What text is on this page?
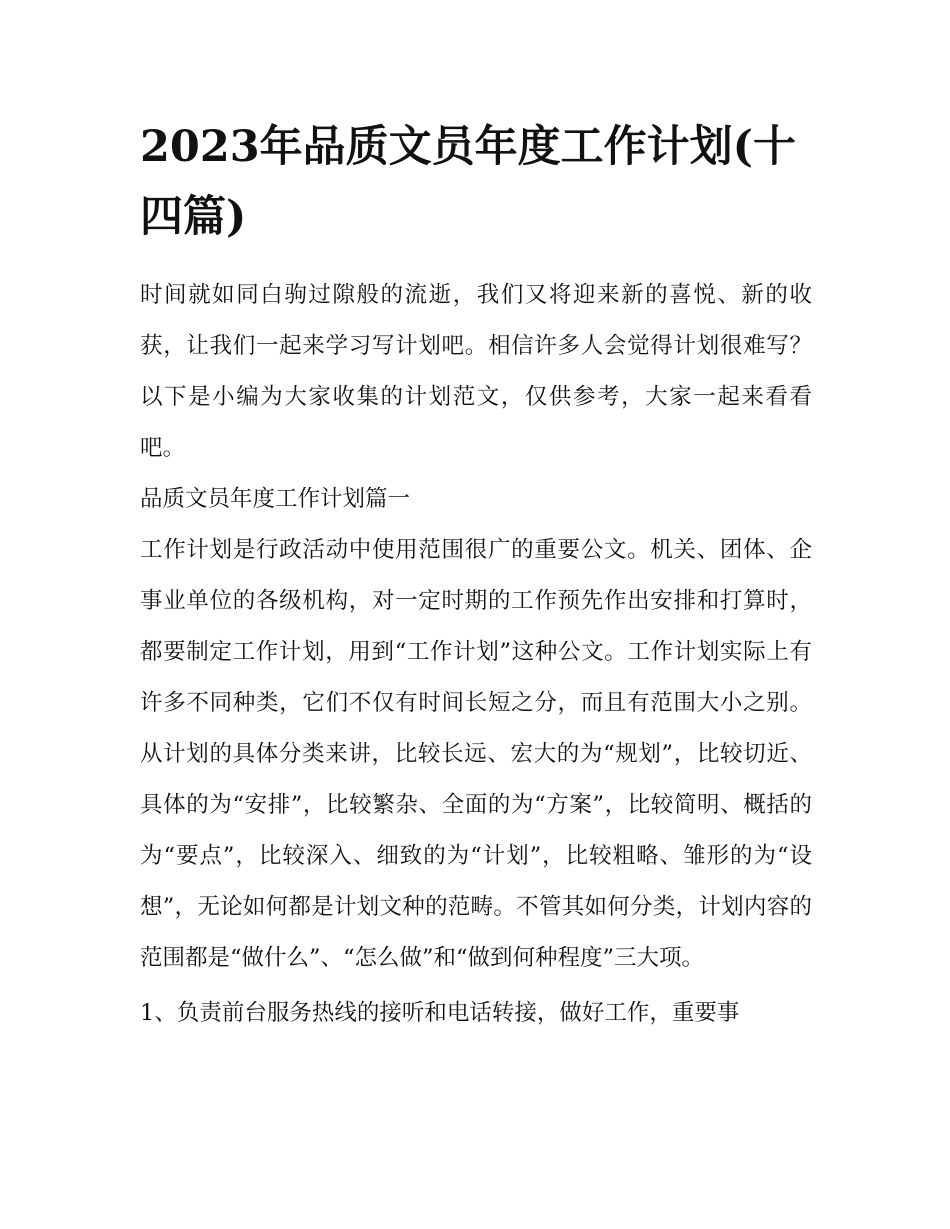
2023年品质文员年度工作计划(十四篇)

时间就如同白驹过隙般的流逝，我们又将迎来新的喜悦、新的收获，让我们一起来学习写计划吧。相信许多人会觉得计划很难写？以下是小编为大家收集的计划范文，仅供参考，大家一起来看看吧。

品质文员年度工作计划篇一

工作计划是行政活动中使用范围很广的重要公文。机关、团体、企事业单位的各级机构，对一定时期的工作预先作出安排和打算时，都要制定工作计划，用到“工作计划”这种公文。工作计划实际上有许多不同种类，它们不仅有时间长短之分，而且有范围大小之别。从计划的具体分类来讲，比较长远、宏大的为“规划”，比较切近、具体的为“安排”，比较繁杂、全面的为“方案”，比较简明、概括的为“要点”，比较深入、细致的为“计划”，比较粗略、雏形的为“设想”，无论如何都是计划文种的范畴。不管其如何分类，计划内容的范围都是“做什么”、“怎么做”和“做到何种程度”三大项。

1、负责前台服务热线的接听和电话转接，做好工作，重要事
